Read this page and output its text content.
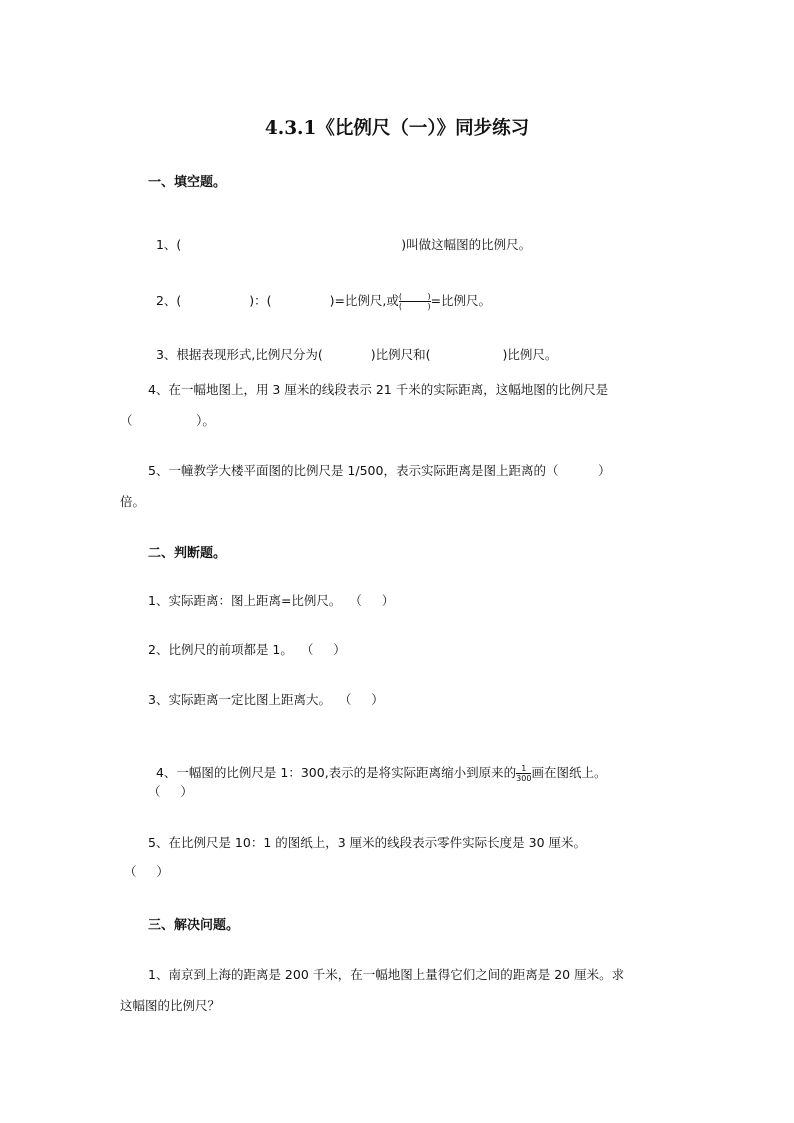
4.3.1《比例尺（一）》同步练习
一、填空题。

1、(	)叫做这幅图的比例尺。

2、(	)：(	)=比例尺,或 $\frac{( )}{( )}$ =比例尺。

3、根据表现形式,比例尺分为(	)比例尺和(	)比例尺。

4、在一幅地图上，用 3 厘米的线段表示 21 千米的实际距离，这幅地图的比例尺是
（                ）。
5、一幢教学大楼平面图的比例尺是 1/500，表示实际距离是图上距离的（          ）
倍。
二、判断题。
1、实际距离：图上距离=比例尺。  （     ）
2、比例尺的前项都是 1。  （     ）
3、实际距离一定比图上距离大。  （     ）

4、一幅图的比例尺是 1：300,表示的是将实际距离缩小到原来的 $\frac{1}{300}$ 画在图纸上。

（     ）
5、在比例尺是 10：1 的图纸上，3 厘米的线段表示零件实际长度是 30 厘米。
（     ）
三、解决问题。
1、南京到上海的距离是 200 千米，在一幅地图上量得它们之间的距离是 20 厘米。求
这幅图的比例尺？
